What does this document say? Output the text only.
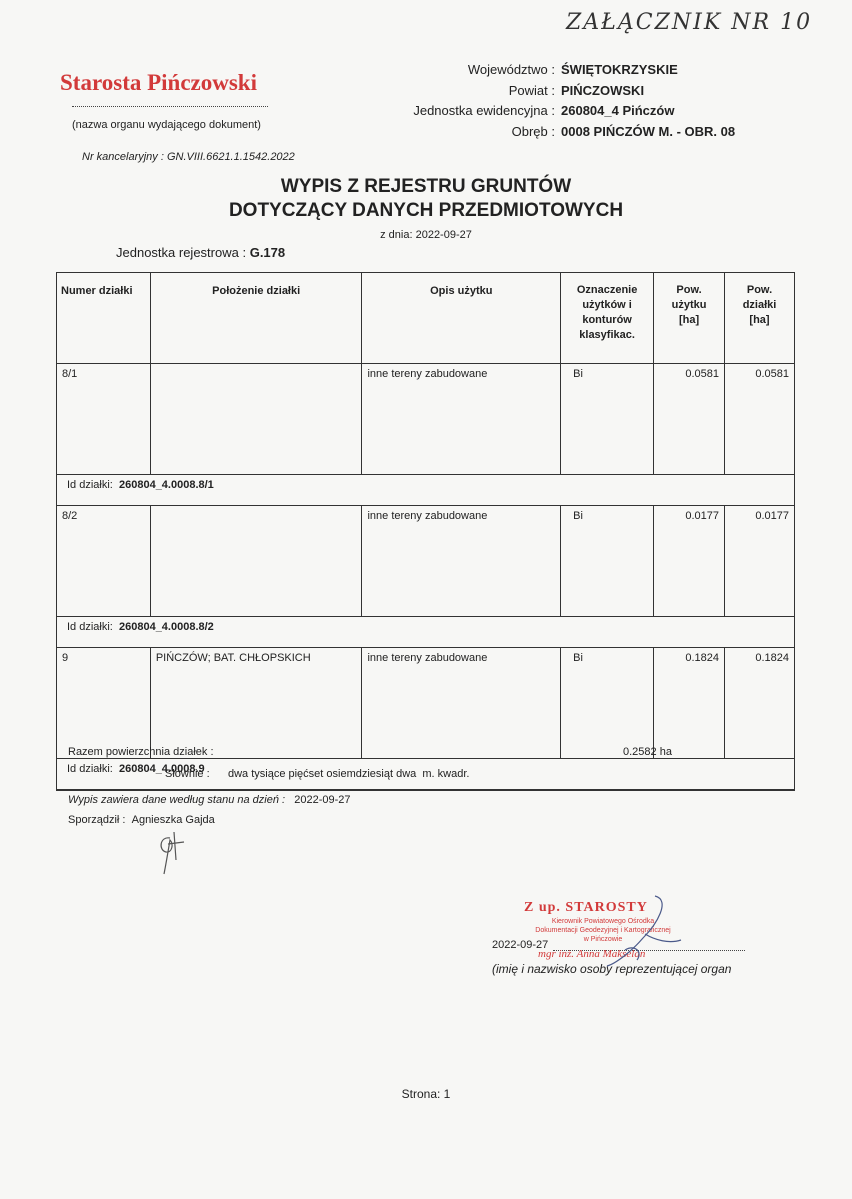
ZAŁĄCZNIK NR 10
Starosta Pińczowski
(nazwa organu wydającego dokument)
Nr kancelaryjny : GN.VIII.6621.1.1542.2022
Województwo : ŚWIĘTOKRZYSKIE
Powiat : PIŃCZOWSKI
Jednostka ewidencyjna : 260804_4 Pińczów
Obręb : 0008 PIŃCZÓW M. - OBR. 08
WYPIS Z REJESTRU GRUNTÓW
DOTYCZĄCY DANYCH PRZEDMIOTOWYCH
z dnia: 2022-09-27
Jednostka rejestrowa : G.178
Numer działki	Położenie działki	Opis użytku	Oznaczenie użytków i konturów klasyfikac.	Pow. użytku [ha]	Pow. działki [ha]
8/1		inne tereny zabudowane	Bi	0.0581	0.0581
Id działki: 260804_4.0008.8/1					
8/2		inne tereny zabudowane	Bi	0.0177	0.0177
Id działki: 260804_4.0008.8/2					
9	PIŃCZÓW; BAT. CHŁOPSKICH	inne tereny zabudowane	Bi	0.1824	0.1824
Id działki: 260804_4.0008.9					
Razem powierzchnia działek :	0.2582 ha
Słownie :      dwa tysiące pięćset osiemdziesiąt dwa  m. kwadr.
Wypis zawiera dane według stanu na dzień : 2022-09-27
Sporządził : Agnieszka Gajda
Z up. STAROSTY
Kierownik Powiatowego Ośrodka
Dokumentacji Geodezyjnej i Kartograficznej
w Pińczowie
2022-09-27
mgr inż. Anna Makselan
(imię i nazwisko osoby reprezentującej organ
Strona: 1
